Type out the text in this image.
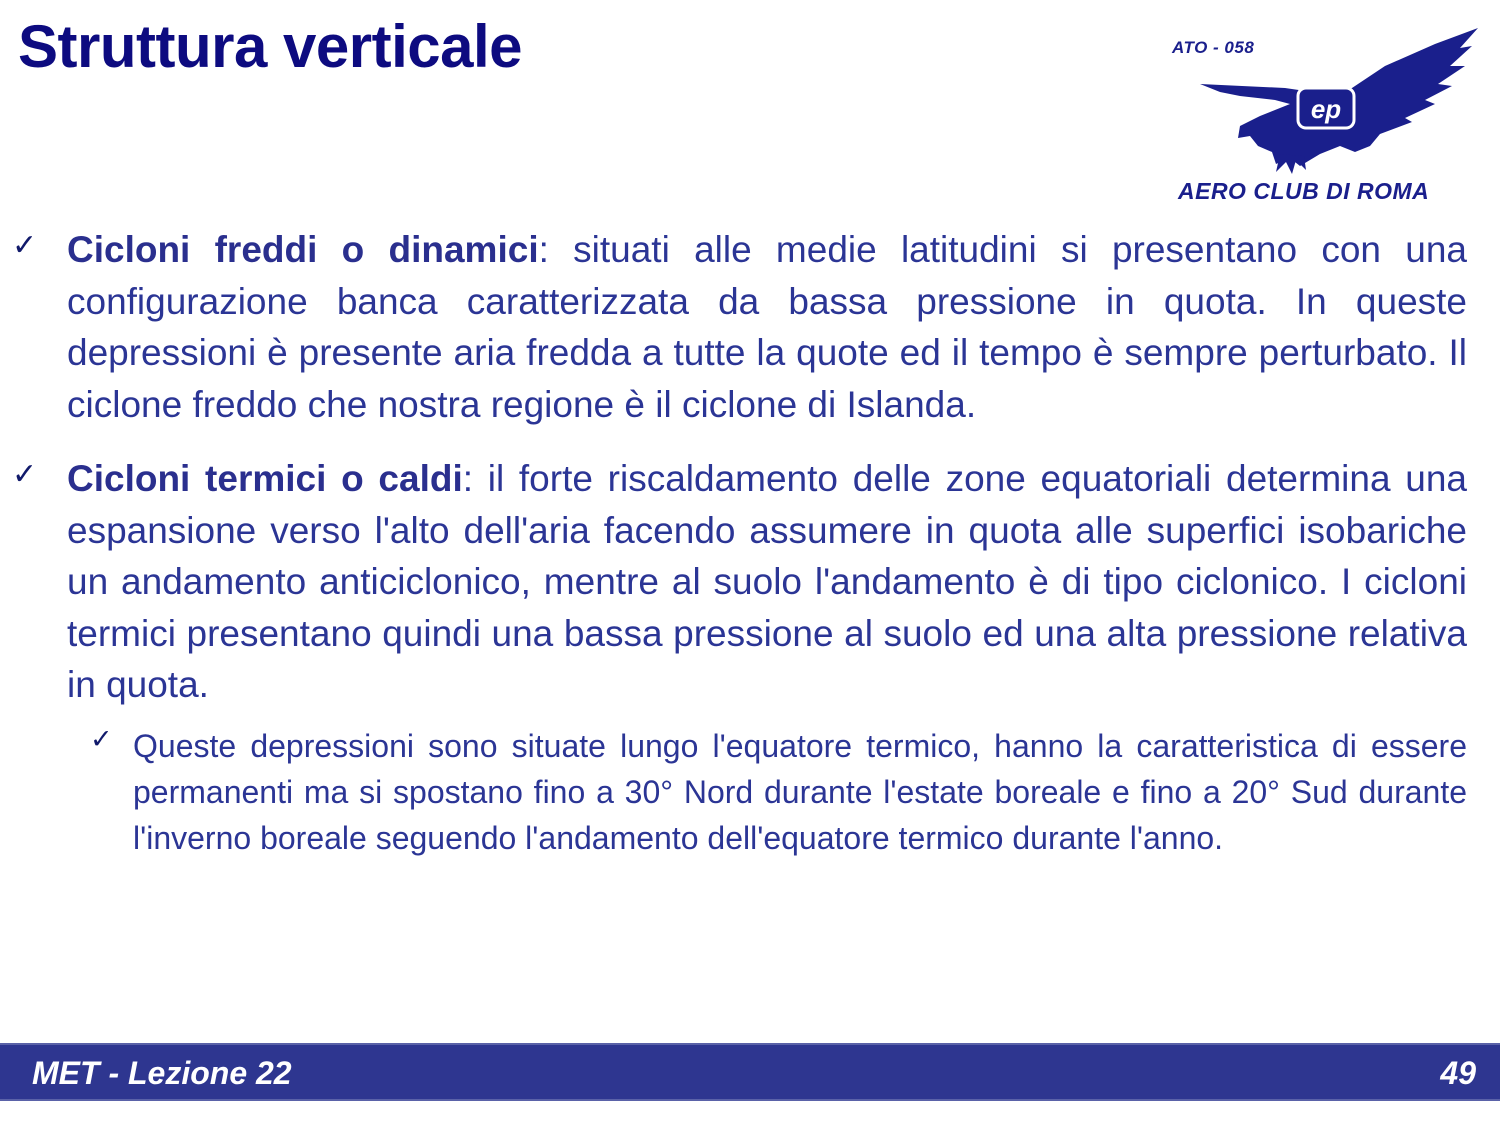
Struttura verticale	ATO - 058
ep
AERO CLUB DI ROMA
✓ Cicloni freddi o dinamici: situati alle medie latitudini si presentano con una configurazione banca caratterizzata da bassa pressione in quota. In queste depressioni è presente aria fredda a tutte la quote ed il tempo è sempre perturbato. Il ciclone freddo che nostra regione è il ciclone di Islanda.
✓ Cicloni termici o caldi: il forte riscaldamento delle zone equatoriali determina una espansione verso l'alto dell'aria facendo assumere in quota alle superfici isobariche un andamento anticiclonico, mentre al suolo l'andamento è di tipo ciclonico. I cicloni termici presentano quindi una bassa pressione al suolo ed una alta pressione relativa in quota.
✓ Queste depressioni sono situate lungo l'equatore termico, hanno la caratteristica di essere permanenti ma si spostano fino a 30° Nord durante l'estate boreale e fino a 20° Sud durante l'inverno boreale seguendo l'andamento dell'equatore termico durante l'anno.
MET - Lezione 22	49
